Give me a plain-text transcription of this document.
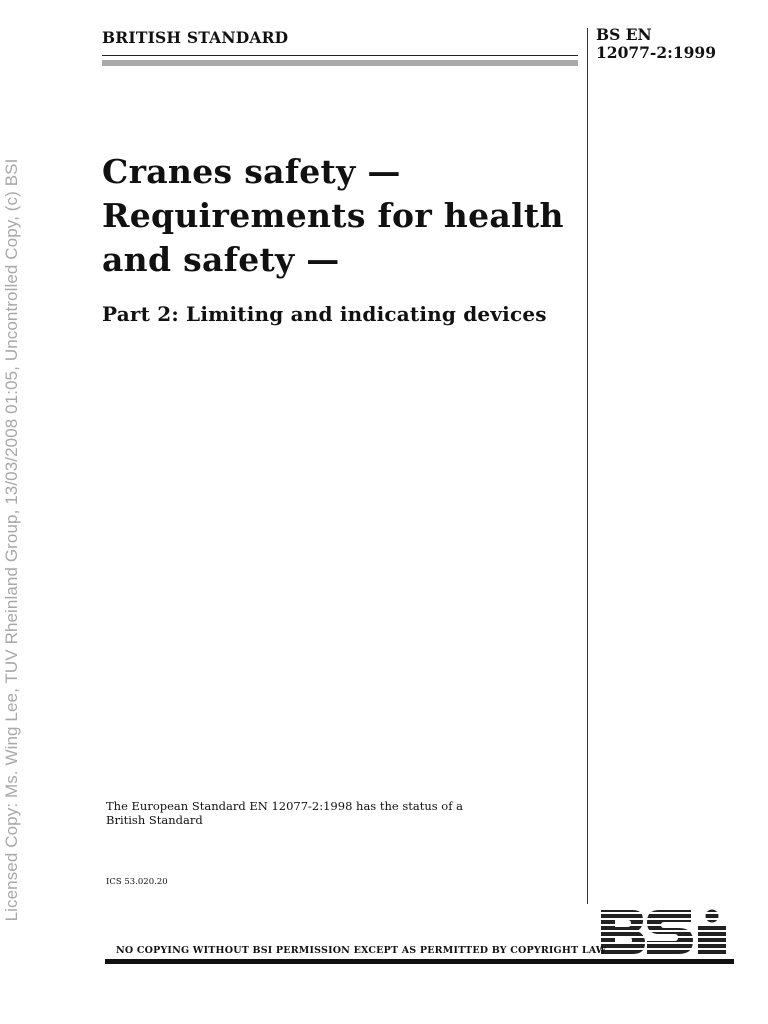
Licensed Copy: Ms. Wing Lee, TUV Rheinland Group, 13/03/2008 01:05, Uncontrolled Copy, (c) BSI
BRITISH STANDARD	BS EN
12077-2:1999
Cranes safety —
Requirements for health
and safety —
Part 2: Limiting and indicating devices
The European Standard EN 12077-2:1998 has the status of a
British Standard
ICS 53.020.20
NO COPYING WITHOUT BSI PERMISSION EXCEPT AS PERMITTED BY COPYRIGHT LAW
